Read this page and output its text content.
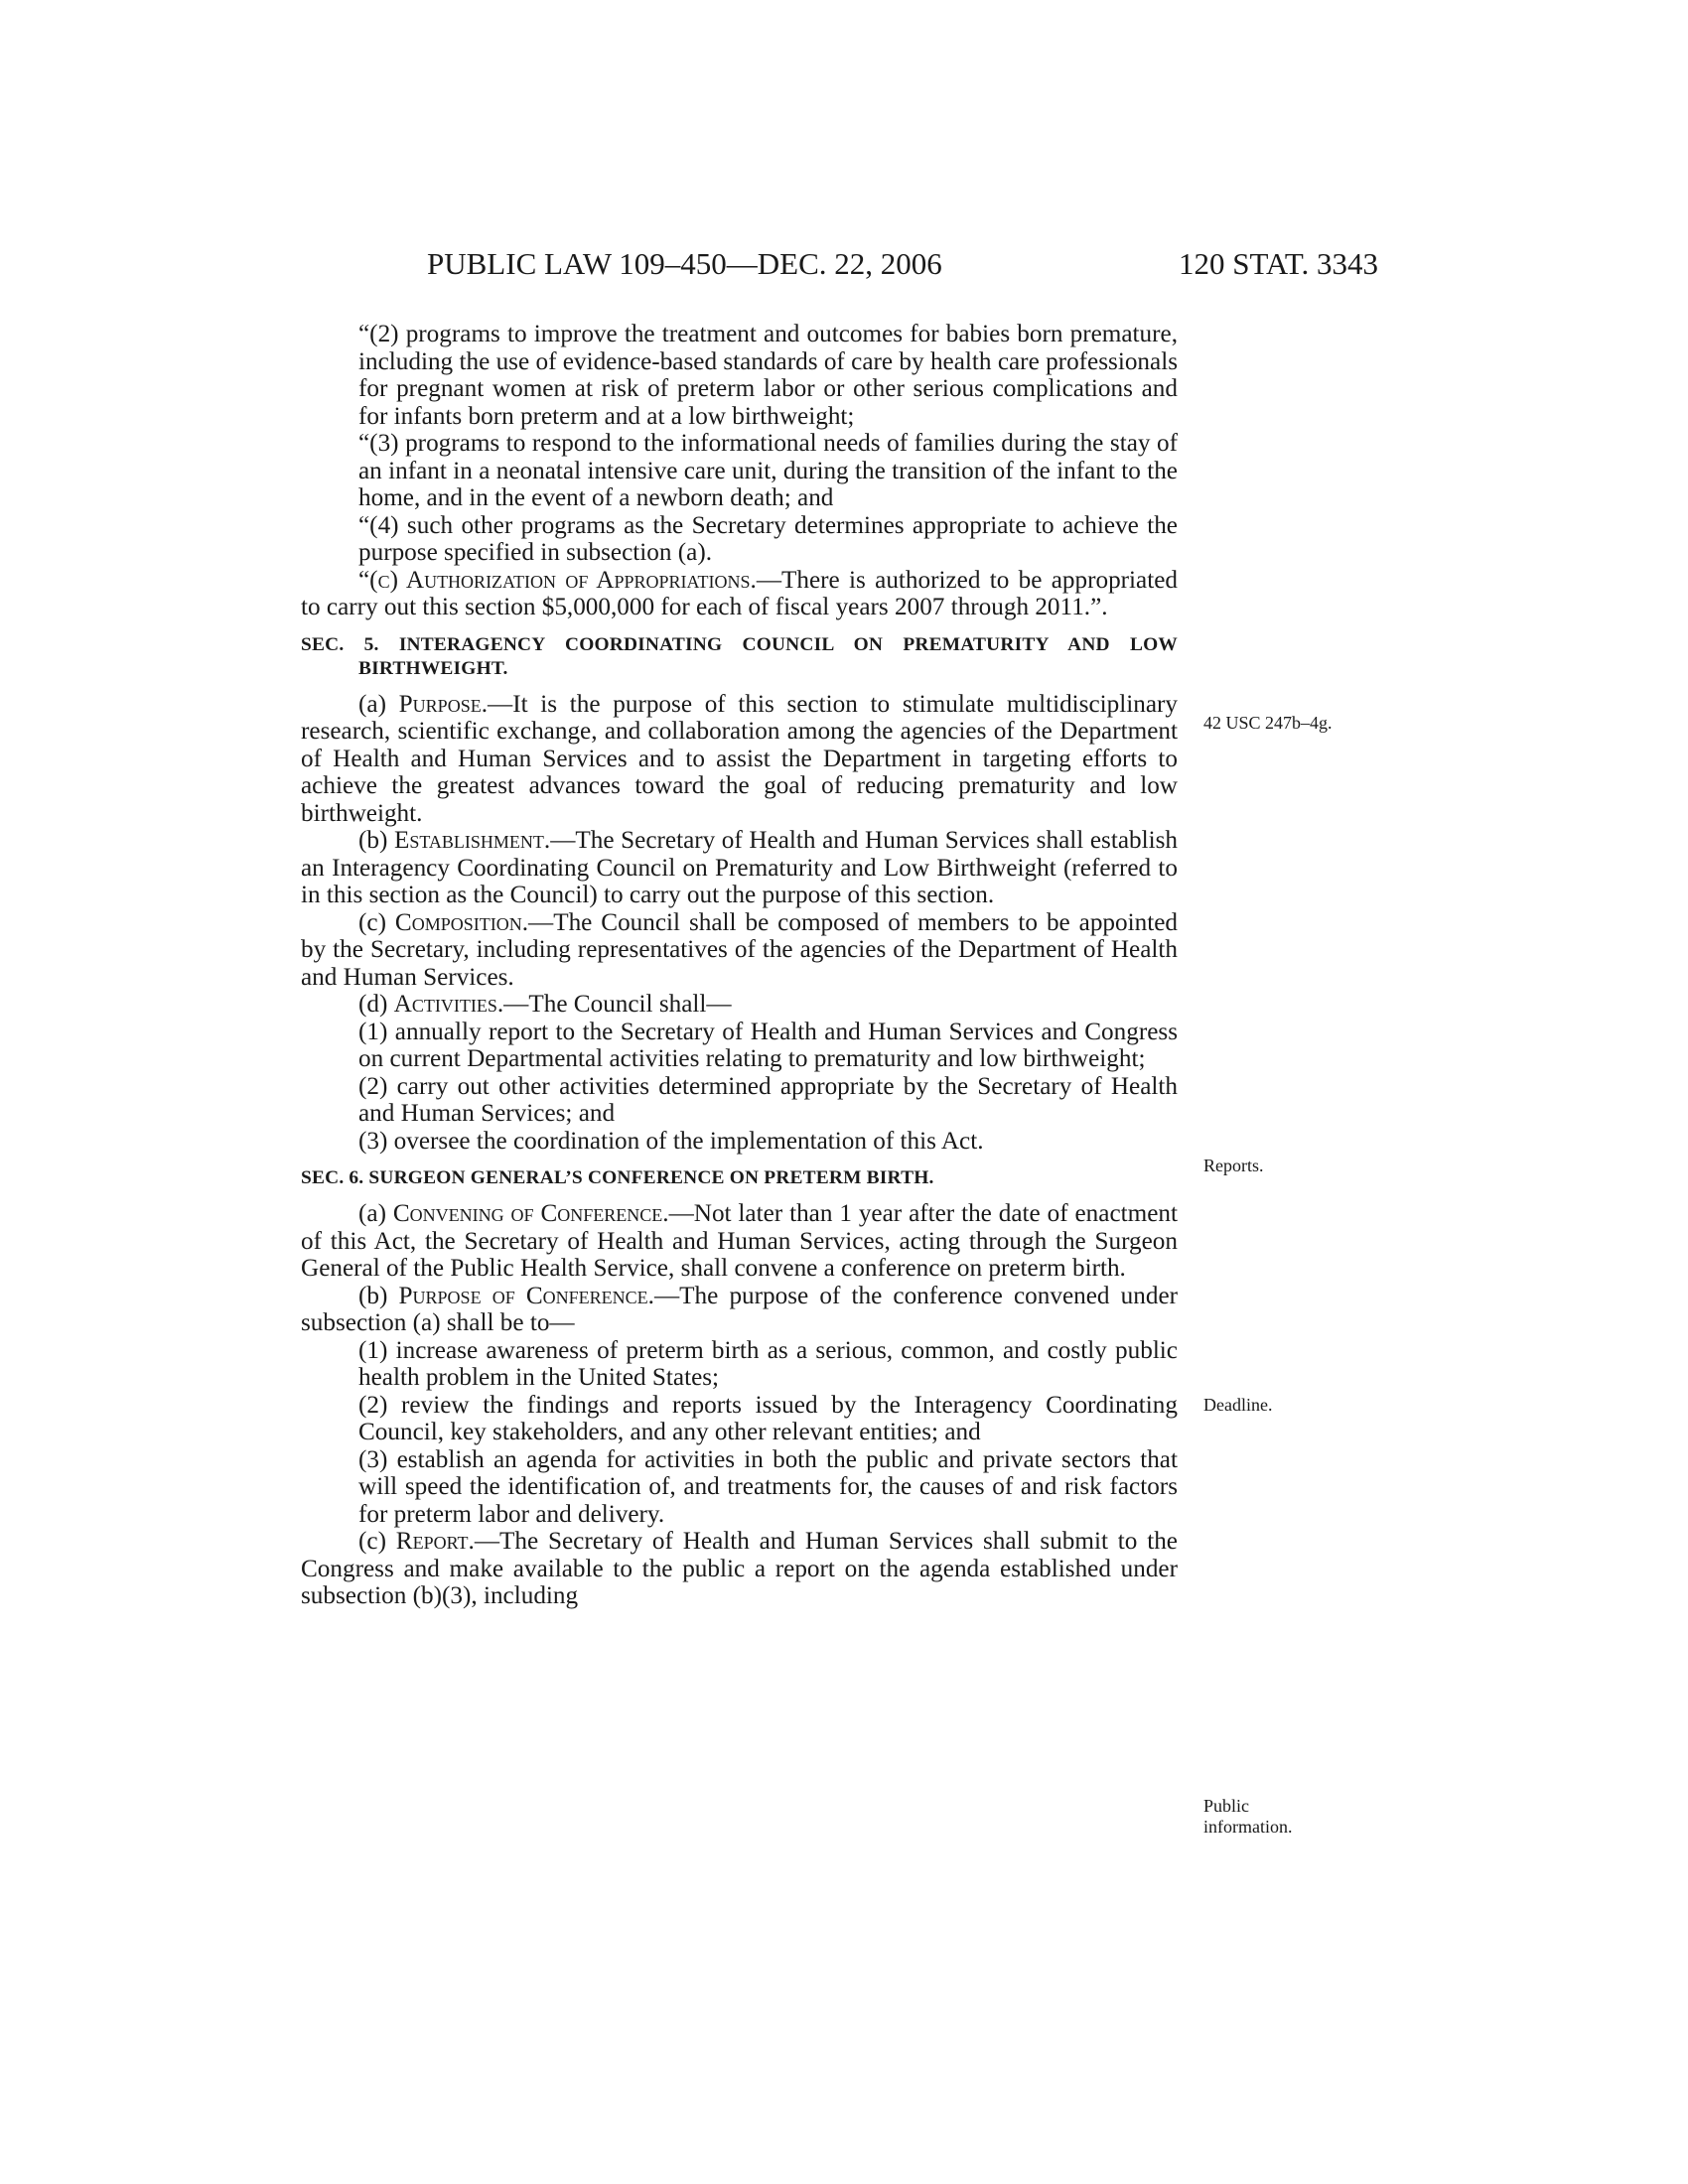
PUBLIC LAW 109–450—DEC. 22, 2006	120 STAT. 3343

“(2) programs to improve the treatment and outcomes for babies born premature, including the use of evidence-based standards of care by health care professionals for pregnant women at risk of preterm labor or other serious complications and for infants born preterm and at a low birthweight;

“(3) programs to respond to the informational needs of families during the stay of an infant in a neonatal intensive care unit, during the transition of the infant to the home, and in the event of a newborn death; and

“(4) such other programs as the Secretary determines appropriate to achieve the purpose specified in subsection (a).

“(c) Authorization of Appropriations.—There is authorized to be appropriated to carry out this section $5,000,000 for each of fiscal years 2007 through 2011.”.

SEC. 5. INTERAGENCY COORDINATING COUNCIL ON PREMATURITY AND LOW BIRTHWEIGHT.

(a) Purpose.—It is the purpose of this section to stimulate multidisciplinary research, scientific exchange, and collaboration among the agencies of the Department of Health and Human Services and to assist the Department in targeting efforts to achieve the greatest advances toward the goal of reducing prematurity and low birthweight.

(b) Establishment.—The Secretary of Health and Human Services shall establish an Interagency Coordinating Council on Prematurity and Low Birthweight (referred to in this section as the Council) to carry out the purpose of this section.

(c) Composition.—The Council shall be composed of members to be appointed by the Secretary, including representatives of the agencies of the Department of Health and Human Services.

(d) Activities.—The Council shall—

(1) annually report to the Secretary of Health and Human Services and Congress on current Departmental activities relating to prematurity and low birthweight;

(2) carry out other activities determined appropriate by the Secretary of Health and Human Services; and

(3) oversee the coordination of the implementation of this Act.

SEC. 6. SURGEON GENERAL’S CONFERENCE ON PRETERM BIRTH.

(a) Convening of Conference.—Not later than 1 year after the date of enactment of this Act, the Secretary of Health and Human Services, acting through the Surgeon General of the Public Health Service, shall convene a conference on preterm birth.

(b) Purpose of Conference.—The purpose of the conference convened under subsection (a) shall be to—

(1) increase awareness of preterm birth as a serious, common, and costly public health problem in the United States;

(2) review the findings and reports issued by the Interagency Coordinating Council, key stakeholders, and any other relevant entities; and

(3) establish an agenda for activities in both the public and private sectors that will speed the identification of, and treatments for, the causes of and risk factors for preterm labor and delivery.

(c) Report.—The Secretary of Health and Human Services shall submit to the Congress and make available to the public a report on the agenda established under subsection (b)(3), including

42 USC 247b–4g.
Reports.
Deadline.
Public
information.
